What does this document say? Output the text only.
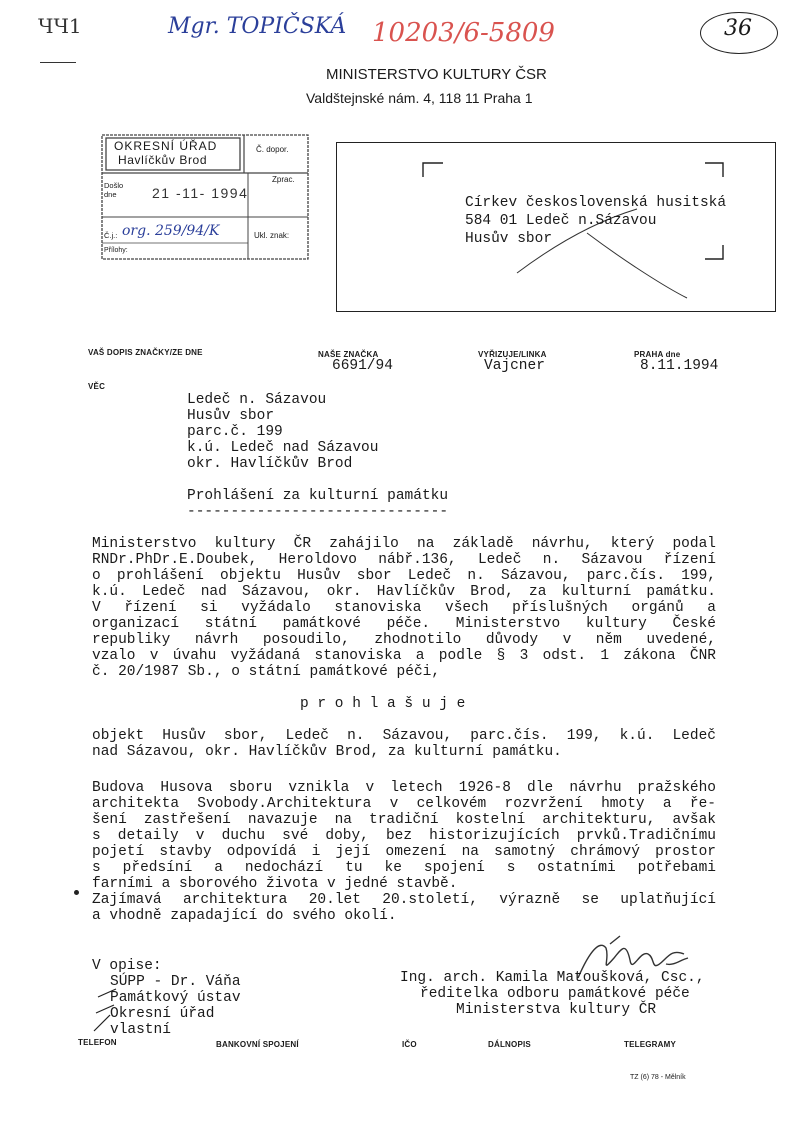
ЧЧ1	Mgr. TOPIČSKÁ 10203/6-5809	36
MINISTERSTVO KULTURY ČSR
Valdštejnské nám. 4, 118 11 Praha 1
OKRESNÍ ÚŘAD
Havlíčkův Brod
Č. dopor.
Zprac.
Došlo
dne	21 -11- 1994
Č.j.: org. 259/94/K
Přílohy:
Ukl. znak:
Církev československá husitská
584 01 Ledeč n.Sázavou
Husův sbor
VAŠ DOPIS ZNAČKY/ZE DNE	NAŠE ZNAČKA
6691/94
VYŘIZUJE/LINKA
Vajcner
PRAHA dne
8.11.1994
VĚC
Ledeč n. Sázavou
Husův sbor
parc.č. 199
k.ú. Ledeč nad Sázavou
okr. Havlíčkův Brod
Prohlášení za kulturní památku
------------------------------
Ministerstvo kultury ČR zahájilo na základě návrhu, který podal
RNDr.PhDr.E.Doubek, Heroldovo nábř.136, Ledeč n. Sázavou řízení
o prohlášení objektu Husův sbor Ledeč n. Sázavou, parc.čís. 199,
k.ú. Ledeč nad Sázavou, okr. Havlíčkův Brod, za kulturní památku.
V řízení si vyžádalo stanoviska všech příslušných orgánů a
organizací státní památkové péče. Ministerstvo kultury České
republiky návrh posoudilo, zhodnotilo důvody v něm uvedené,
vzalo v úvahu vyžádaná stanoviska a podle § 3 odst. 1 zákona ČNR
č. 20/1987 Sb., o státní památkové péči,
p r o h l a š u j e
objekt Husův sbor, Ledeč n. Sázavou, parc.čís. 199, k.ú. Ledeč
nad Sázavou, okr. Havlíčkův Brod, za kulturní památku.
Budova Husova sboru vznikla v letech 1926-8 dle návrhu pražského
architekta Svobody.Architektura v celkovém rozvržení hmoty a ře-
šení zastřešení navazuje na tradiční kostelní architekturu, avšak
s detaily v duchu své doby, bez historizujících prvků.Tradičnímu
pojetí stavby odpovídá i její omezení na samotný chrámový prostor
s předsíní a nedochází tu ke spojení s ostatními potřebami
farními a sborového života v jedné stavbě.
Zajímavá architektura 20.let 20.století, výrazně se uplatňující
a vhodně zapadající do svého okolí.
V opise:
SÚPP - Dr. Váňa
Památkový ústav
Okresní úřad
vlastní
Ing. arch. Kamila Matoušková, Csc.,
ředitelka odboru památkové péče
Ministerstva kultury ČR
TELEFON	BANKOVNÍ SPOJENÍ	IČO	DÁLNOPIS	TELEGRAMY
TZ (6) 78 - Mělník
